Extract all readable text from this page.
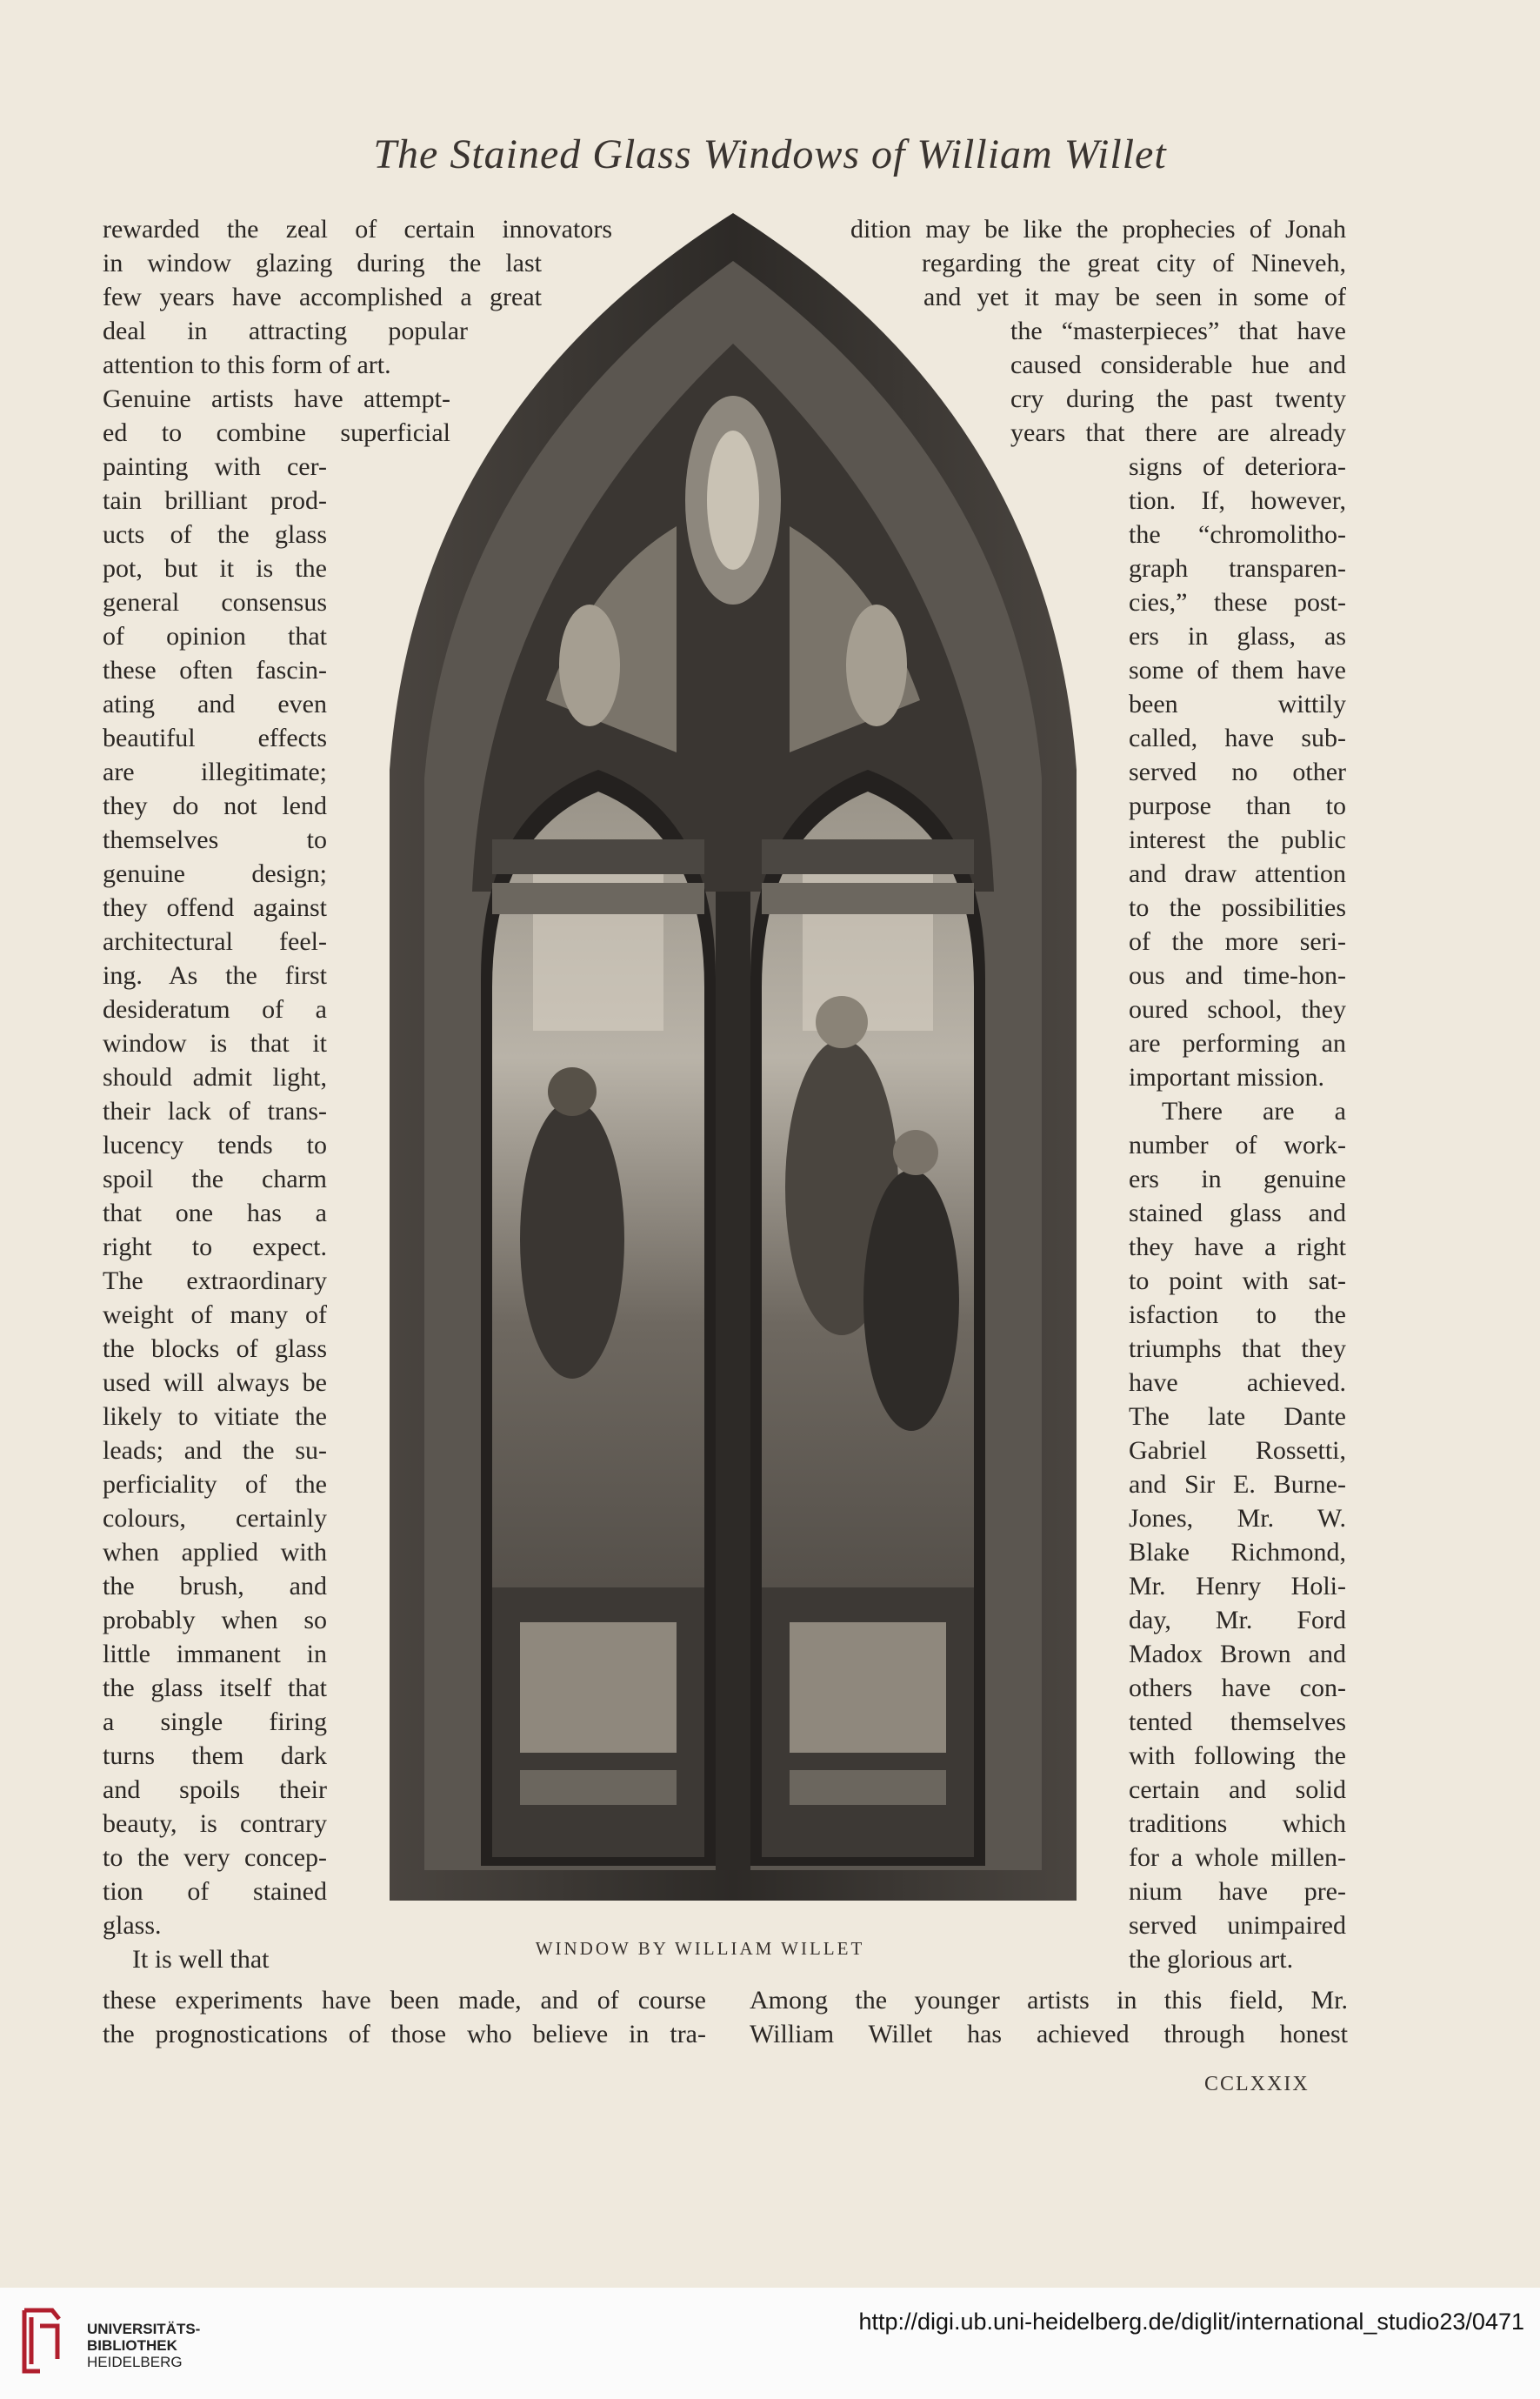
The Stained Glass Windows of William Willet
rewarded the zeal of certain innovators
in window glazing during the last
few years have accomplished a great
deal in attracting popular
attention to this form of art.
Genuine artists have attempt-
ed to combine superficial
painting with cer-
tain brilliant prod-
ucts of the glass
pot, but it is the
general consensus
of opinion that
these often fascin-
ating and even
beautiful effects
are illegitimate;
they do not lend
themselves to
genuine design;
they offend against
architectural feel-
ing. As the first
desideratum of a
window is that it
should admit light,
their lack of trans-
lucency tends to
spoil the charm
that one has a
right to expect.
The extraordinary
weight of many of
the blocks of glass
used will always be
likely to vitiate the
leads; and the su-
perficiality of the
colours, certainly
when applied with
the brush, and
probably when so
little immanent in
the glass itself that
a single firing
turns them dark
and spoils their
beauty, is contrary
to the very concep-
tion of stained
glass.
It is well that
dition may be like the prophecies of Jonah
regarding the great city of Nineveh,
and yet it may be seen in some of
the “masterpieces” that have
caused considerable hue and
cry during the past twenty
years that there are already
signs of deteriora-
tion. If, however,
the “chromolitho-
graph transparen-
cies,” these post-
ers in glass, as
some of them have
been wittily
called, have sub-
served no other
purpose than to
interest the public
and draw attention
to the possibilities
of the more seri-
ous and time-hon-
oured school, they
are performing an
important mission.
There are a
number of work-
ers in genuine
stained glass and
they have a right
to point with sat-
isfaction to the
triumphs that they
have achieved.
The late Dante
Gabriel Rossetti,
and Sir E. Burne-
Jones, Mr. W.
Blake Richmond,
Mr. Henry Holi-
day, Mr. Ford
Madox Brown and
others have con-
tented themselves
with following the
certain and solid
traditions which
for a whole millen-
nium have pre-
served unimpaired
the glorious art.
these experiments have been made, and of course
the prognostications of those who believe in tra-
Among the younger artists in this field, Mr.
William Willet has achieved through honest
WINDOW BY WILLIAM WILLET
CCLXXIX
UNIVERSITÄTS-
BIBLIOTHEK
HEIDELBERG
http://digi.ub.uni-heidelberg.de/diglit/international_studio23/0471
